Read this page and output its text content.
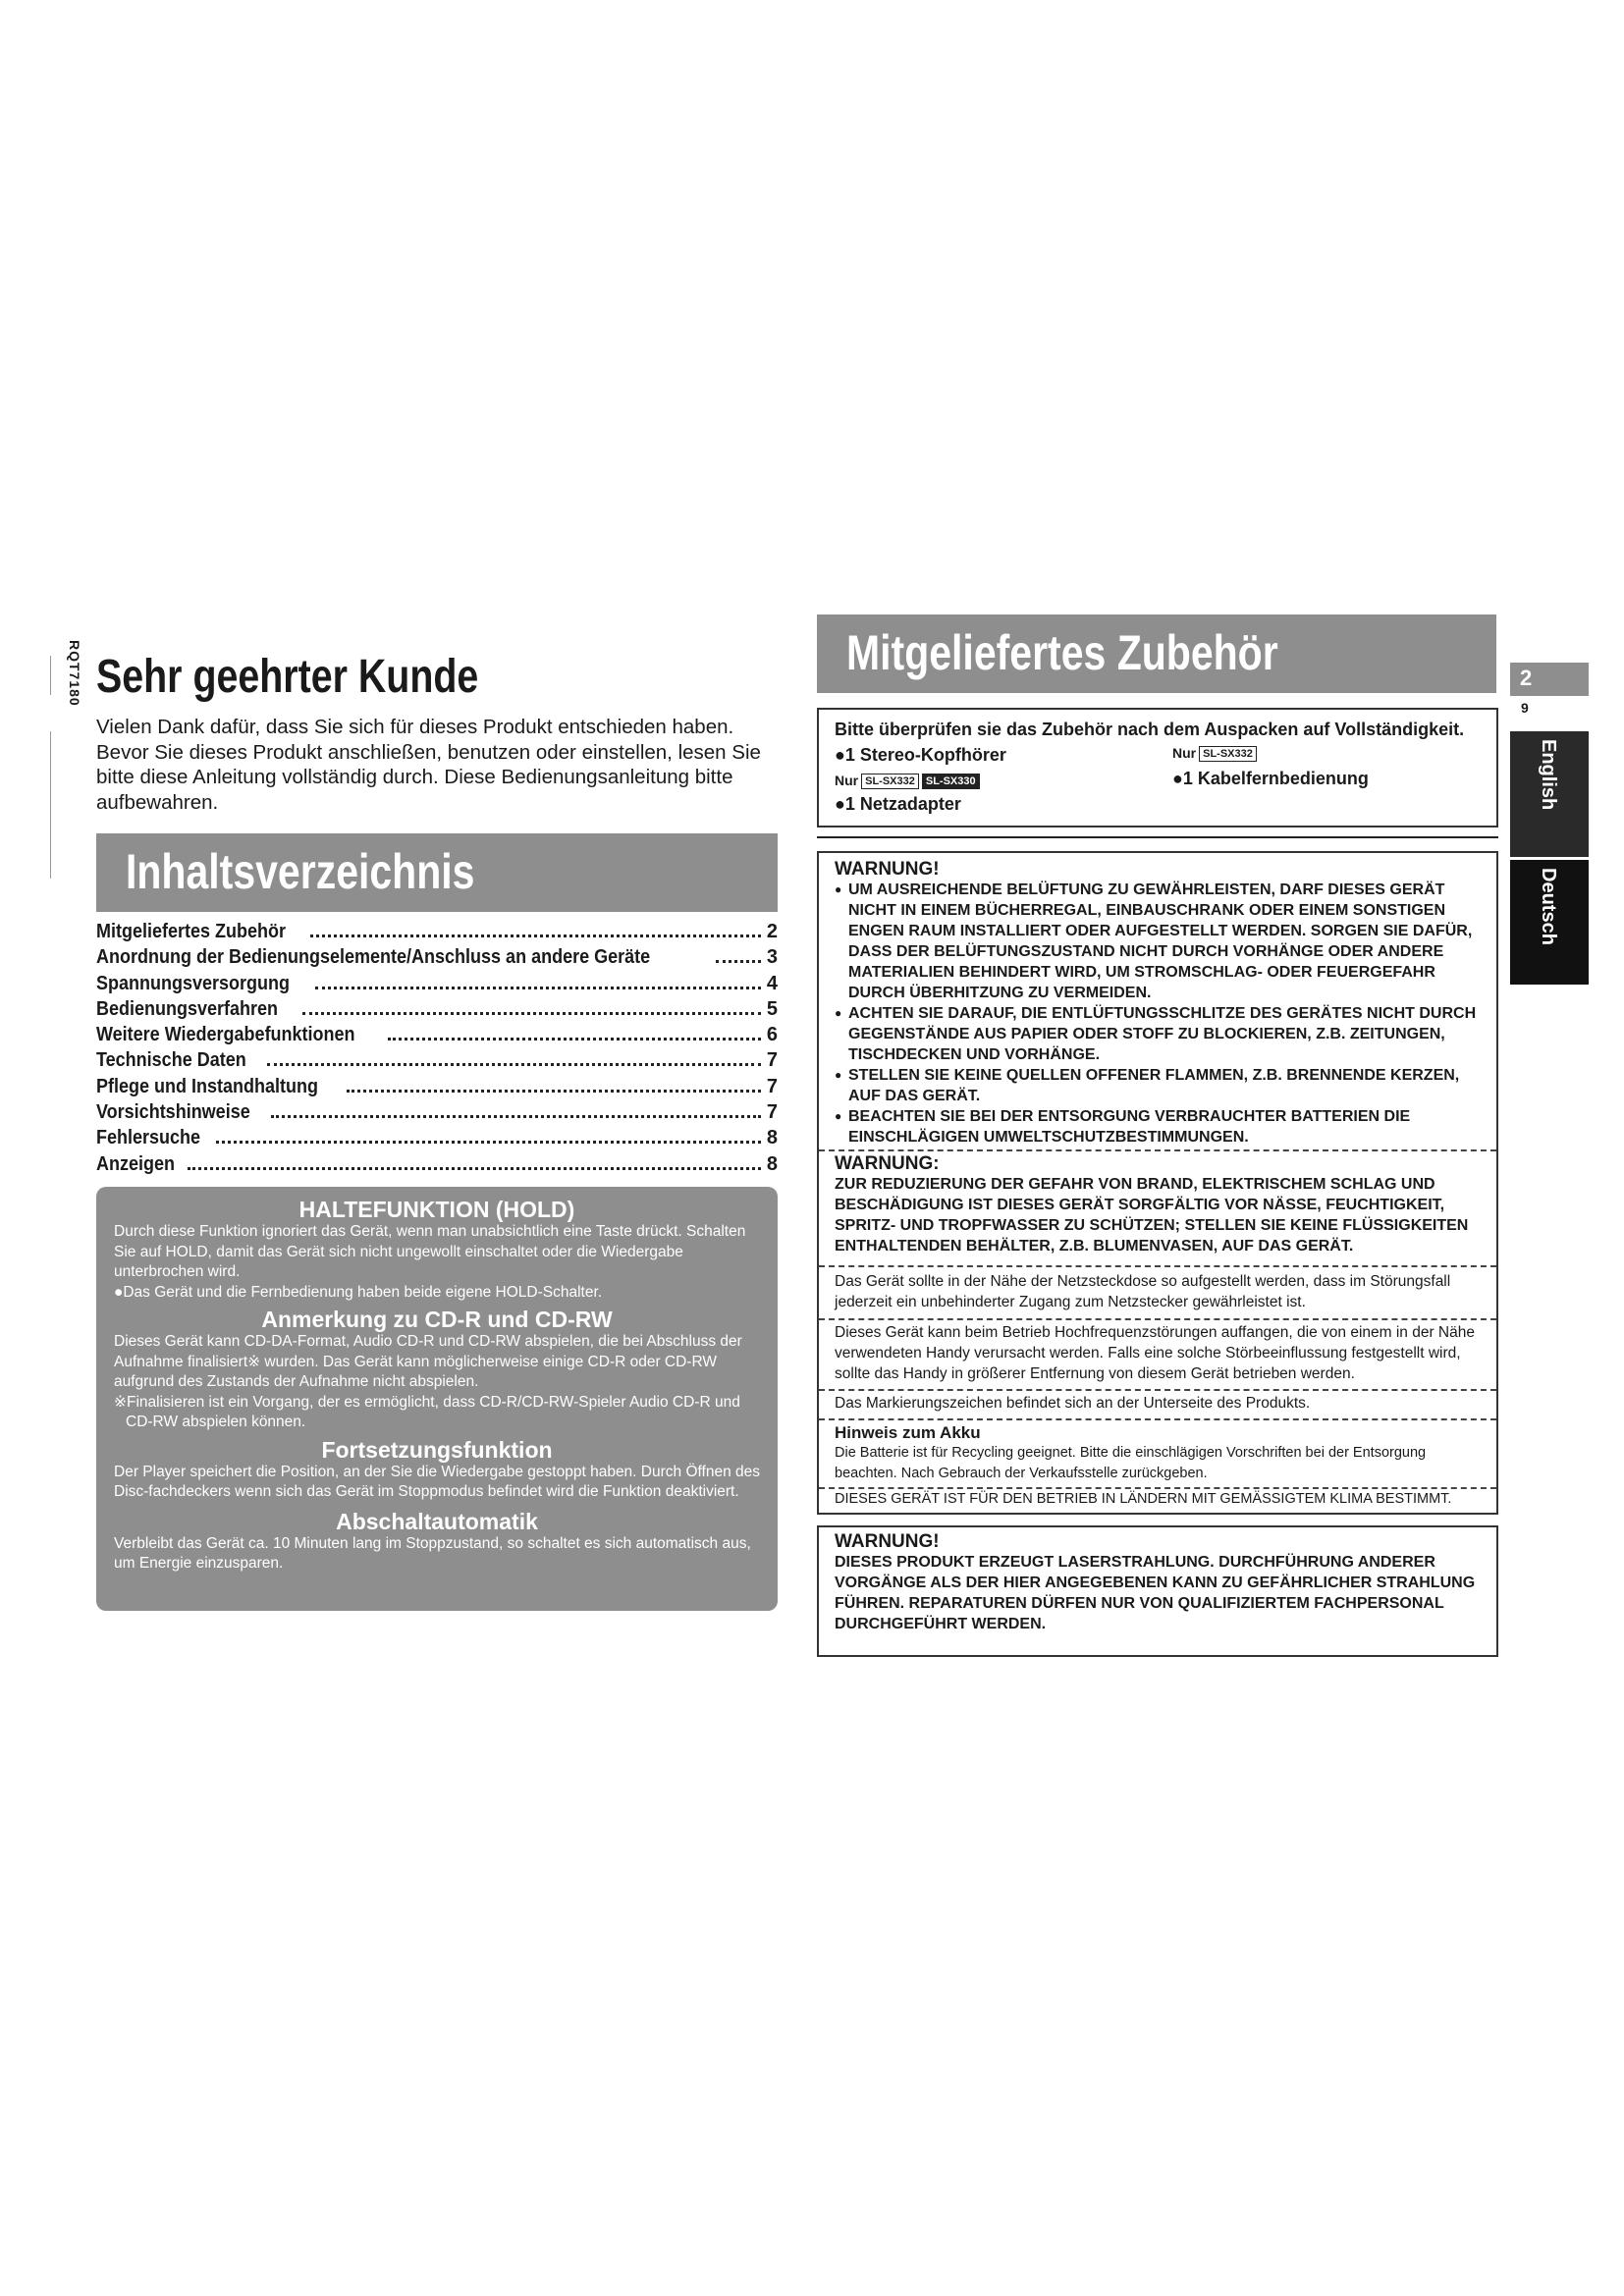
RQT7180 Sehr geehrter Kunde
Vielen Dank dafür, dass Sie sich für dieses Produkt entschieden haben. Bevor Sie dieses Produkt anschließen, benutzen oder einstellen, lesen Sie bitte diese Anleitung vollständig durch. Diese Bedienungsanleitung bitte aufbewahren.
Inhaltsverzeichnis
Mitgeliefertes Zubehör	2
Anordnung der Bedienungselemente/Anschluss an andere Geräte	3
Spannungsversorgung	4
Bedienungsverfahren	5
Weitere Wiedergabefunktionen	6
Technische Daten	7
Pflege und Instandhaltung	7
Vorsichtshinweise	7
Fehlersuche	8
Anzeigen	8
HALTEFUNKTION (HOLD)
Durch diese Funktion ignoriert das Gerät, wenn man unabsichtlich eine Taste drückt. Schalten Sie auf HOLD, damit das Gerät sich nicht ungewollt einschaltet oder die Wiedergabe unterbrochen wird.
●Das Gerät und die Fernbedienung haben beide eigene HOLD-Schalter.
Anmerkung zu CD-R und CD-RW
Dieses Gerät kann CD-DA-Format, Audio CD-R und CD-RW abspielen, die bei Abschluss der Aufnahme finalisiert※ wurden. Das Gerät kann möglicherweise einige CD-R oder CD-RW aufgrund des Zustands der Aufnahme nicht abspielen.
※Finalisieren ist ein Vorgang, der es ermöglicht, dass CD-R/CD-RW-Spieler Audio CD-R und CD-RW abspielen können.
Fortsetzungsfunktion
Der Player speichert die Position, an der Sie die Wiedergabe gestoppt haben. Durch Öffnen des Disc-fachdeckers wenn sich das Gerät im Stoppmodus befindet wird die Funktion deaktiviert.
Abschaltautomatik
Verbleibt das Gerät ca. 10 Minuten lang im Stoppzustand, so schaltet es sich automatisch aus, um Energie einzusparen.
Mitgeliefertes Zubehör
Bitte überprüfen sie das Zubehör nach dem Auspacken auf Vollständigkeit.
●1 Stereo-Kopfhörer	Nur SL-SX332
Nur SL-SX332 SL-SX330	●1 Kabelfernbedienung
●1 Netzadapter
WARNUNG!
● UM AUSREICHENDE BELÜFTUNG ZU GEWÄHRLEISTEN, DARF DIESES GERÄT NICHT IN EINEM BÜCHERREGAL, EINBAUSCHRANK ODER EINEM SONSTIGEN ENGEN RAUM INSTALLIERT ODER AUFGESTELLT WERDEN. SORGEN SIE DAFÜR, DASS DER BELÜFTUNGSZUSTAND NICHT DURCH VORHÄNGE ODER ANDERE MATERIALIEN BEHINDERT WIRD, UM STROMSCHLAG- ODER FEUERGEFAHR DURCH ÜBERHITZUNG ZU VERMEIDEN.
● ACHTEN SIE DARAUF, DIE ENTLÜFTUNGSSCHLITZE DES GERÄTES NICHT DURCH GEGENSTÄNDE AUS PAPIER ODER STOFF ZU BLOCKIEREN, Z.B. ZEITUNGEN, TISCHDECKEN UND VORHÄNGE.
● STELLEN SIE KEINE QUELLEN OFFENER FLAMMEN, Z.B. BRENNENDE KERZEN, AUF DAS GERÄT.
● BEACHTEN SIE BEI DER ENTSORGUNG VERBRAUCHTER BATTERIEN DIE EINSCHLÄGIGEN UMWELTSCHUTZBESTIMMUNGEN.
WARNUNG:
ZUR REDUZIERUNG DER GEFAHR VON BRAND, ELEKTRISCHEM SCHLAG UND BESCHÄDIGUNG IST DIESES GERÄT SORGFÄLTIG VOR NÄSSE, FEUCHTIGKEIT, SPRITZ- UND TROPFWASSER ZU SCHÜTZEN; STELLEN SIE KEINE FLÜSSIGKEITEN ENTHALTENDEN BEHÄLTER, Z.B. BLUMENVASEN, AUF DAS GERÄT.
Das Gerät sollte in der Nähe der Netzsteckdose so aufgestellt werden, dass im Störungsfall jederzeit ein unbehinderter Zugang zum Netzstecker gewährleistet ist.
Dieses Gerät kann beim Betrieb Hochfrequenzstörungen auffangen, die von einem in der Nähe verwendeten Handy verursacht werden. Falls eine solche Störbeeinflussung festgestellt wird, sollte das Handy in größerer Entfernung von diesem Gerät betrieben werden.
Das Markierungszeichen befindet sich an der Unterseite des Produkts.
Hinweis zum Akku
Die Batterie ist für Recycling geeignet. Bitte die einschlägigen Vorschriften bei der Entsorgung beachten. Nach Gebrauch der Verkaufsstelle zurückgeben.
DIESES GERÄT IST FÜR DEN BETRIEB IN LÄNDERN MIT GEMÄSSIGTEM KLIMA BESTIMMT.
WARNUNG!
DIESES PRODUKT ERZEUGT LASERSTRAHLUNG. DURCHFÜHRUNG ANDERER VORGÄNGE ALS DER HIER ANGEGEBENEN KANN ZU GEFÄHRLICHER STRAHLUNG FÜHREN. REPARATUREN DÜRFEN NUR VON QUALIFIZIERTEM FACHPERSONAL DURCHGEFÜHRT WERDEN.
2
9
English
Deutsch
